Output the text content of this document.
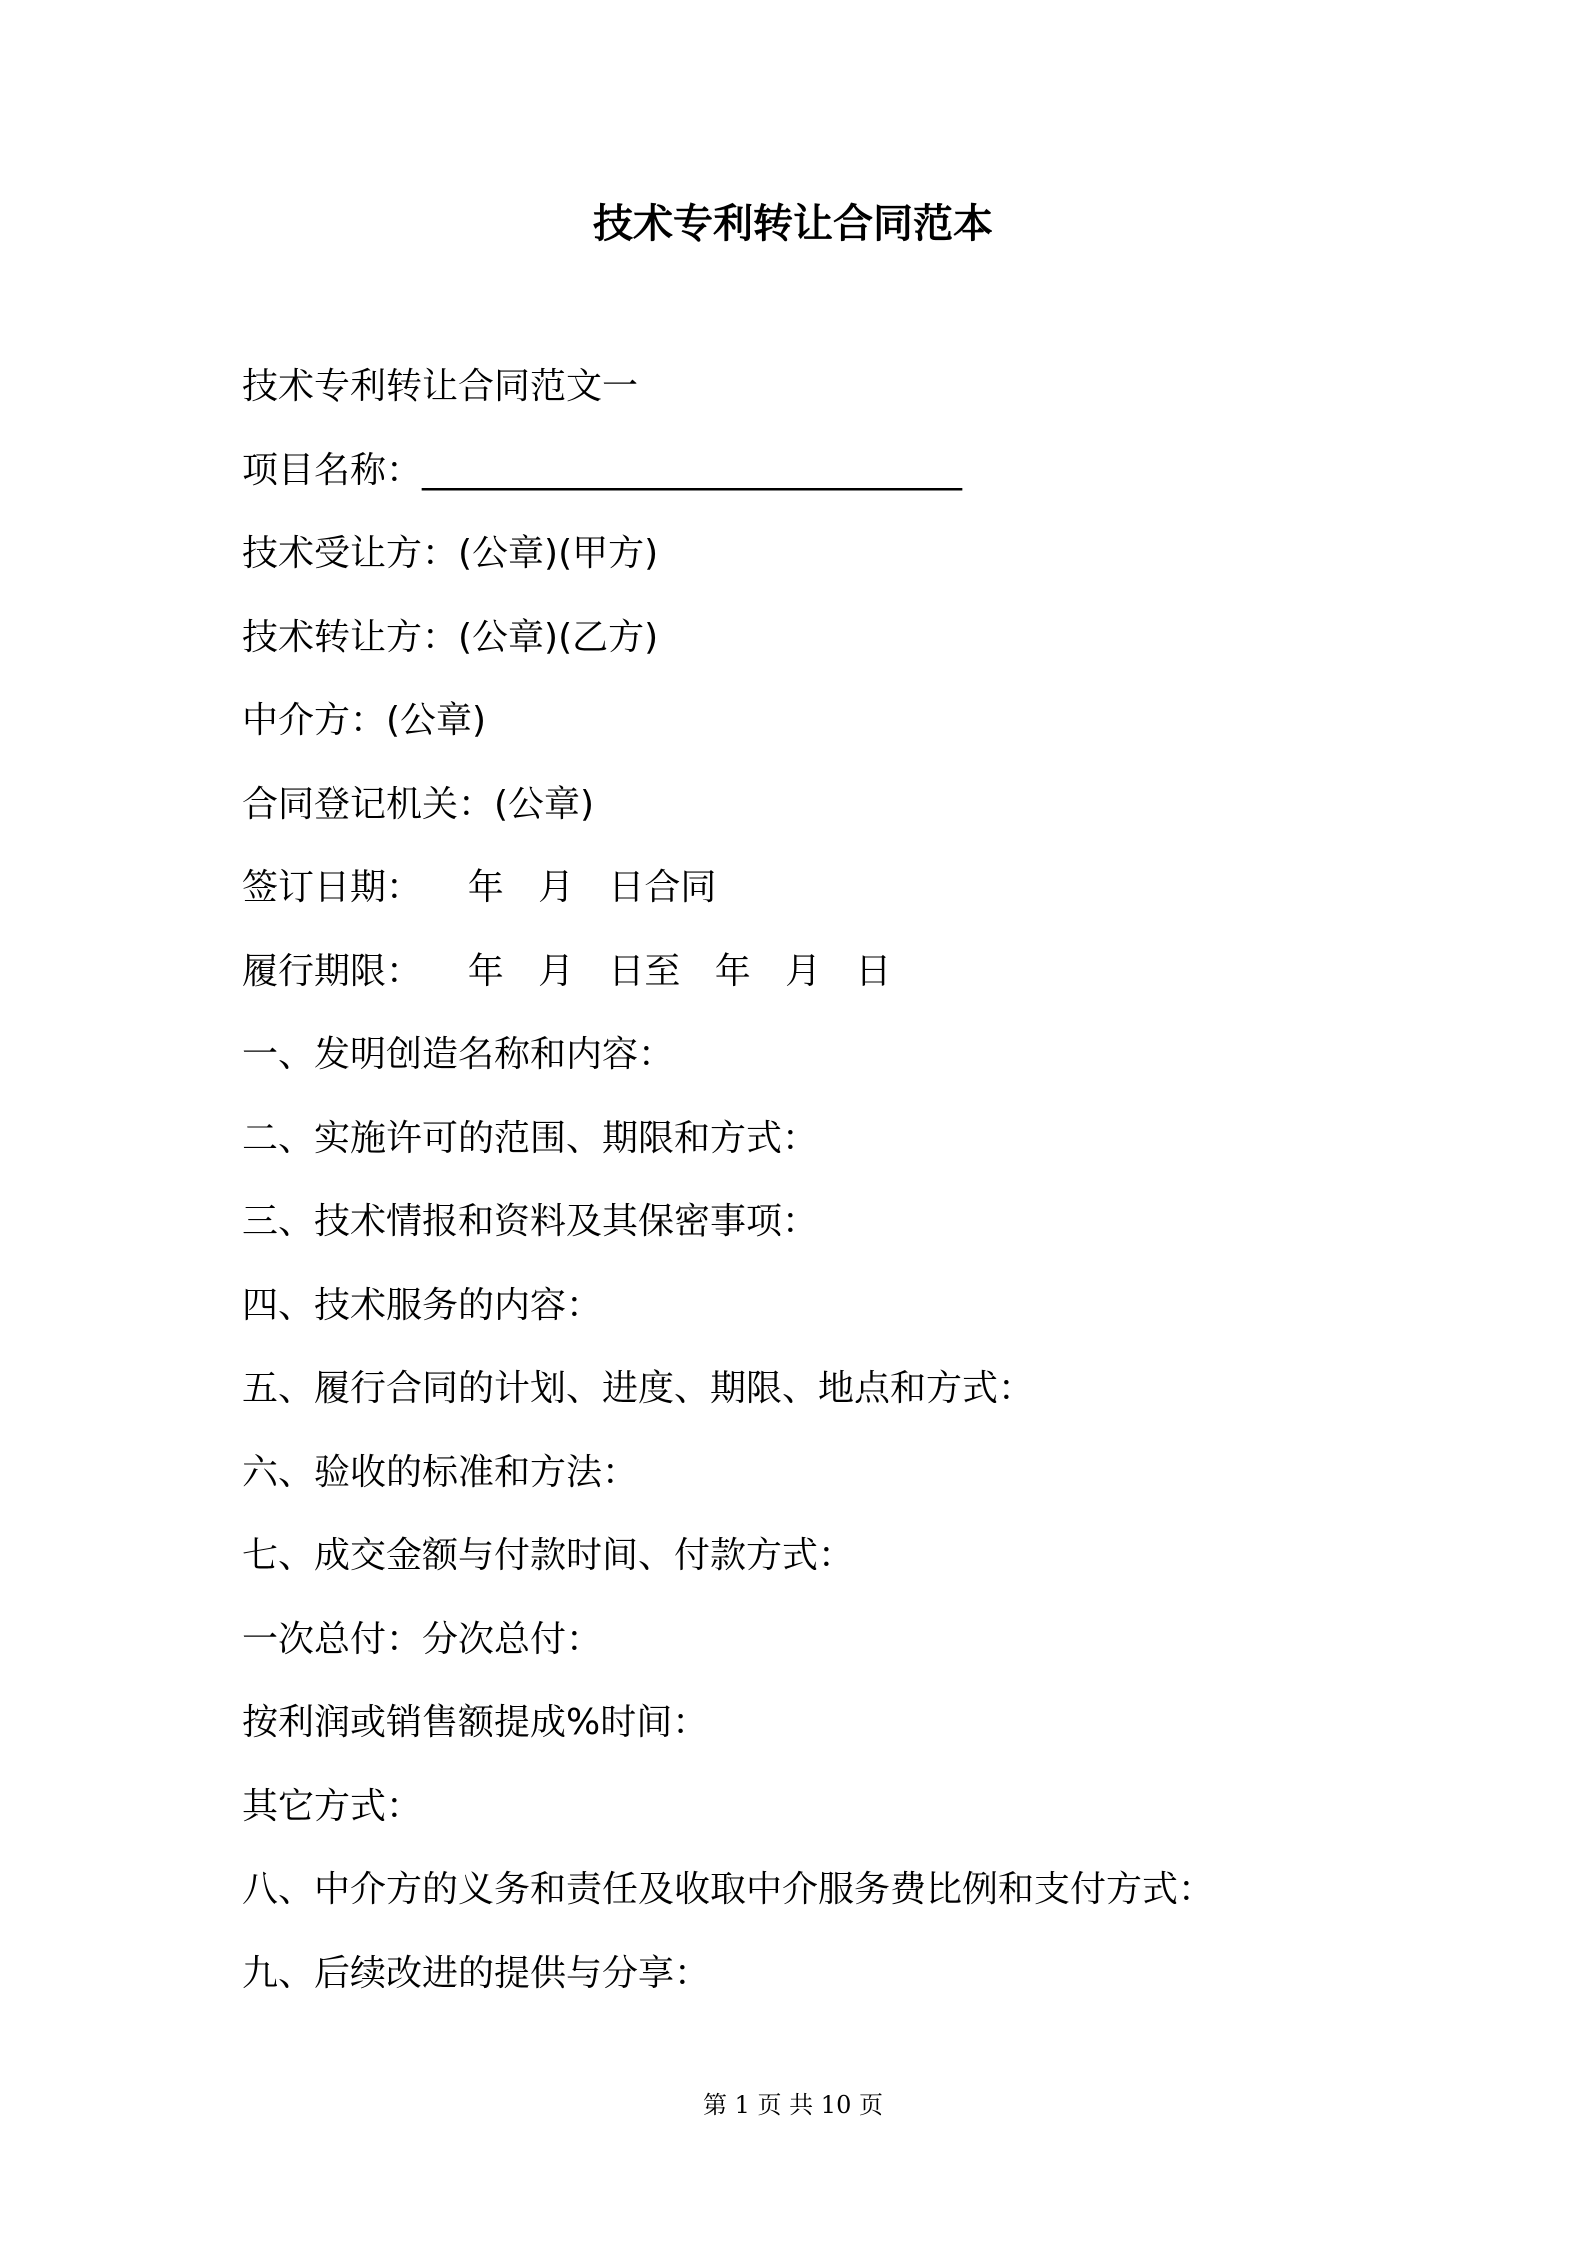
技术专利转让合同范本
技术专利转让合同范文一
项目名称：______________________________
技术受让方：(公章)(甲方)
技术转让方：(公章)(乙方)
中介方：(公章)
合同登记机关：(公章)
签订日期：    年   月   日合同
履行期限：    年   月   日至   年   月   日
一、发明创造名称和内容：
二、实施许可的范围、期限和方式：
三、技术情报和资料及其保密事项：
四、技术服务的内容：
五、履行合同的计划、进度、期限、地点和方式：
六、验收的标准和方法：
七、成交金额与付款时间、付款方式：
一次总付：分次总付：
按利润或销售额提成%时间：
其它方式：
八、中介方的义务和责任及收取中介服务费比例和支付方式：
九、后续改进的提供与分享：
第 1 页 共 10 页
